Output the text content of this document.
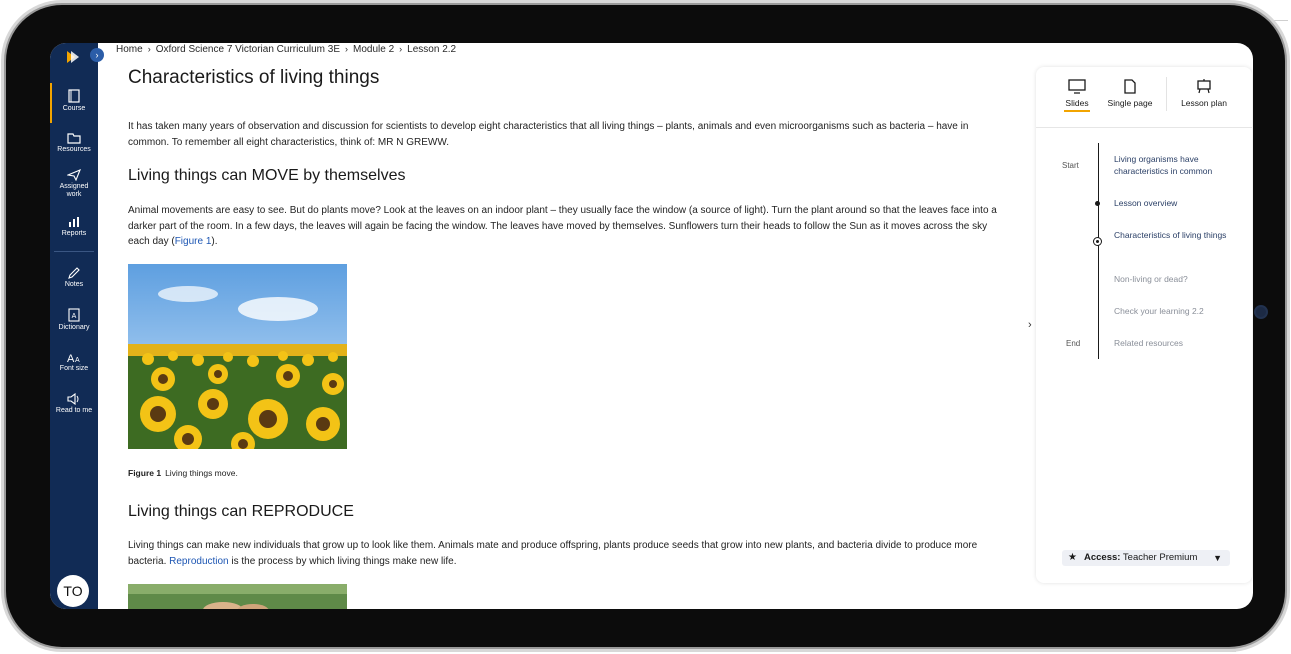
›
Course
Resources
Assigned work
Reports
Notes
A
Dictionary
A A
Font size
Read to me
TO
Home › Oxford Science 7 Victorian Curriculum 3E › Module 2 › Lesson 2.2
Characteristics of living things

It has taken many years of observation and discussion for scientists to develop eight characteristics that all living things – plants, animals and even microorganisms such as bacteria – have in common. To remember all eight characteristics, think of: MR N GREWW.

Living things can MOVE by themselves

Animal movements are easy to see. But do plants move? Look at the leaves on an indoor plant – they usually face the window (a source of light). Turn the plant around so that the leaves face into a darker part of the room. In a few days, the leaves will again be facing the window. The leaves have moved by themselves. Sunflowers turn their heads to follow the Sun as it moves across the sky each day (Figure 1).

Figure 1 Living things move.
Living things can REPRODUCE

Living things can make new individuals that grow up to look like them. Animals mate and produce offspring, plants produce seeds that grow into new plants, and bacteria divide to produce more bacteria. Reproduction is the process by which living things make new life.

›
Slides	Single page	Lesson plan
Start
End
Living organisms have characteristics in common
Lesson overview
Characteristics of living things
Non-living or dead?
Check your learning 2.2
Related resources
★ Access: Teacher Premium ▼
